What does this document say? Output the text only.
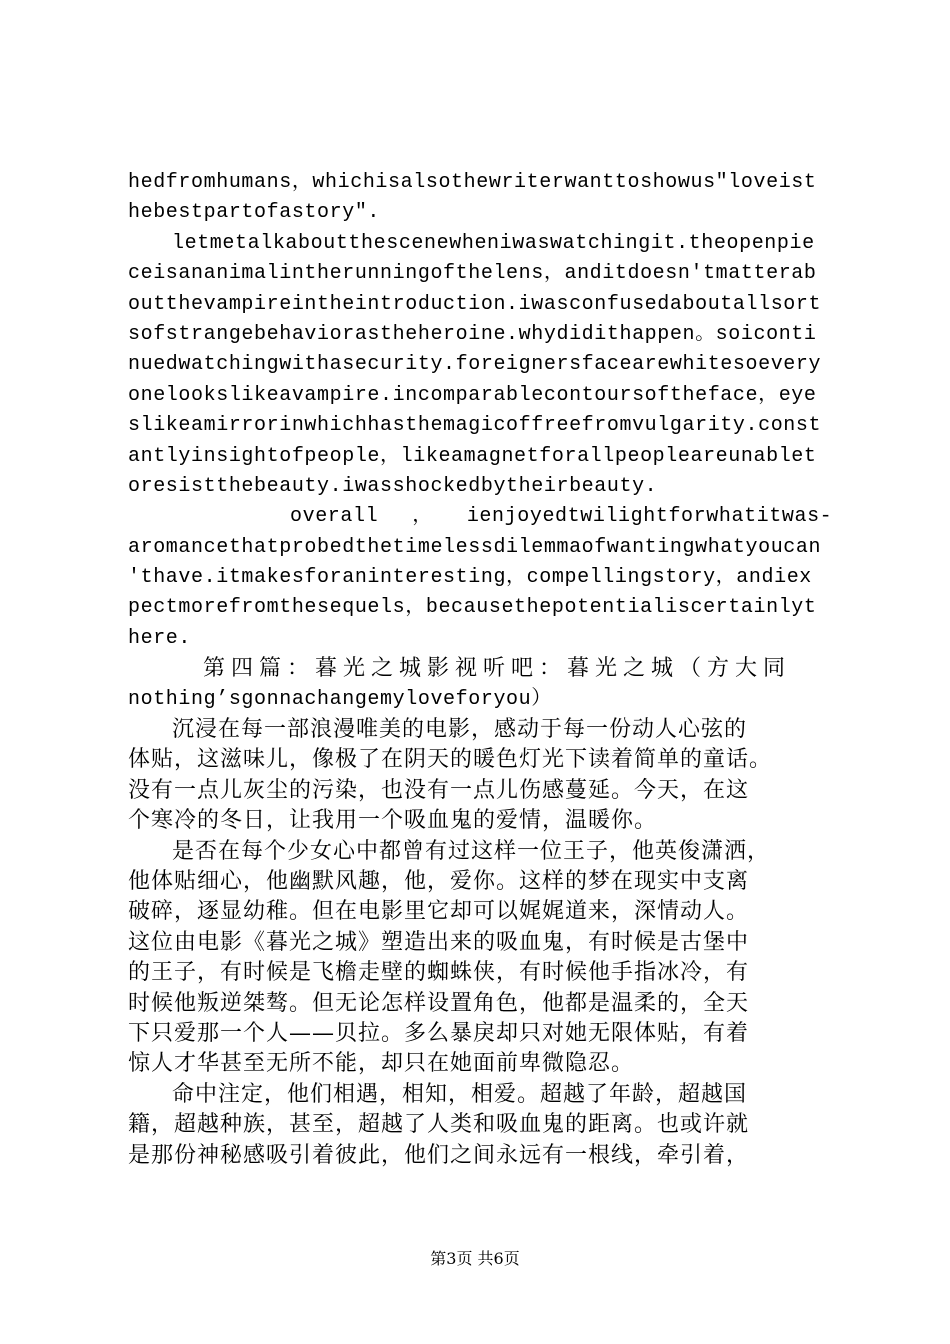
hedfromhumans，whichisalsothewriterwanttoshowus"loveist
hebestpartofastory".
letmetalkaboutthescenewheniwaswatchingit.theopenpie
ceisananimalintherunningofthelens，anditdoesn'tmatterab
outthevampireintheintroduction.iwasconfusedaboutallsort
sofstrangebehaviorastheheroine.whydidithappen。soiconti
nuedwatchingwithasecurity.foreignersfacearewhitesoevery
onelookslikeavampire.incomparablecontoursoftheface，eye
slikeamirrorinwhichhasthemagicoffreefromvulgarity.const
antlyinsightofpeople，likeamagnetforallpeopleareunablet
oresistthebeauty.iwasshockedbytheirbeauty.
overall ， ienjoyedtwilightforwhatitwas-
aromancethatprobedthetimelessdilemmaofwantingwhatyoucan
'thave.itmakesforaninteresting，compellingstory，andiex
pectmorefromthesequels，becausethepotentialiscertainlyt
here.
第四篇：暮光之城影视听吧：暮光之城（方大同
nothing’sgonnachangemyloveforyou）
沉浸在每一部浪漫唯美的电影，感动于每一份动人心弦的
体贴，这滋味儿，像极了在阴天的暖色灯光下读着简单的童话。
没有一点儿灰尘的污染，也没有一点儿伤感蔓延。今天，在这
个寒冷的冬日，让我用一个吸血鬼的爱情，温暖你。
是否在每个少女心中都曾有过这样一位王子，他英俊潇洒，
他体贴细心，他幽默风趣，他，爱你。这样的梦在现实中支离
破碎，逐显幼稚。但在电影里它却可以娓娓道来，深情动人。
这位由电影《暮光之城》塑造出来的吸血鬼，有时候是古堡中
的王子，有时候是飞檐走壁的蜘蛛侠，有时候他手指冰冷，有
时候他叛逆桀骜。但无论怎样设置角色，他都是温柔的，全天
下只爱那一个人——贝拉。多么暴戾却只对她无限体贴，有着
惊人才华甚至无所不能，却只在她面前卑微隐忍。
命中注定，他们相遇，相知，相爱。超越了年龄，超越国
籍，超越种族，甚至，超越了人类和吸血鬼的距离。也或许就
是那份神秘感吸引着彼此，他们之间永远有一根线，牵引着，
第3页 共6页
